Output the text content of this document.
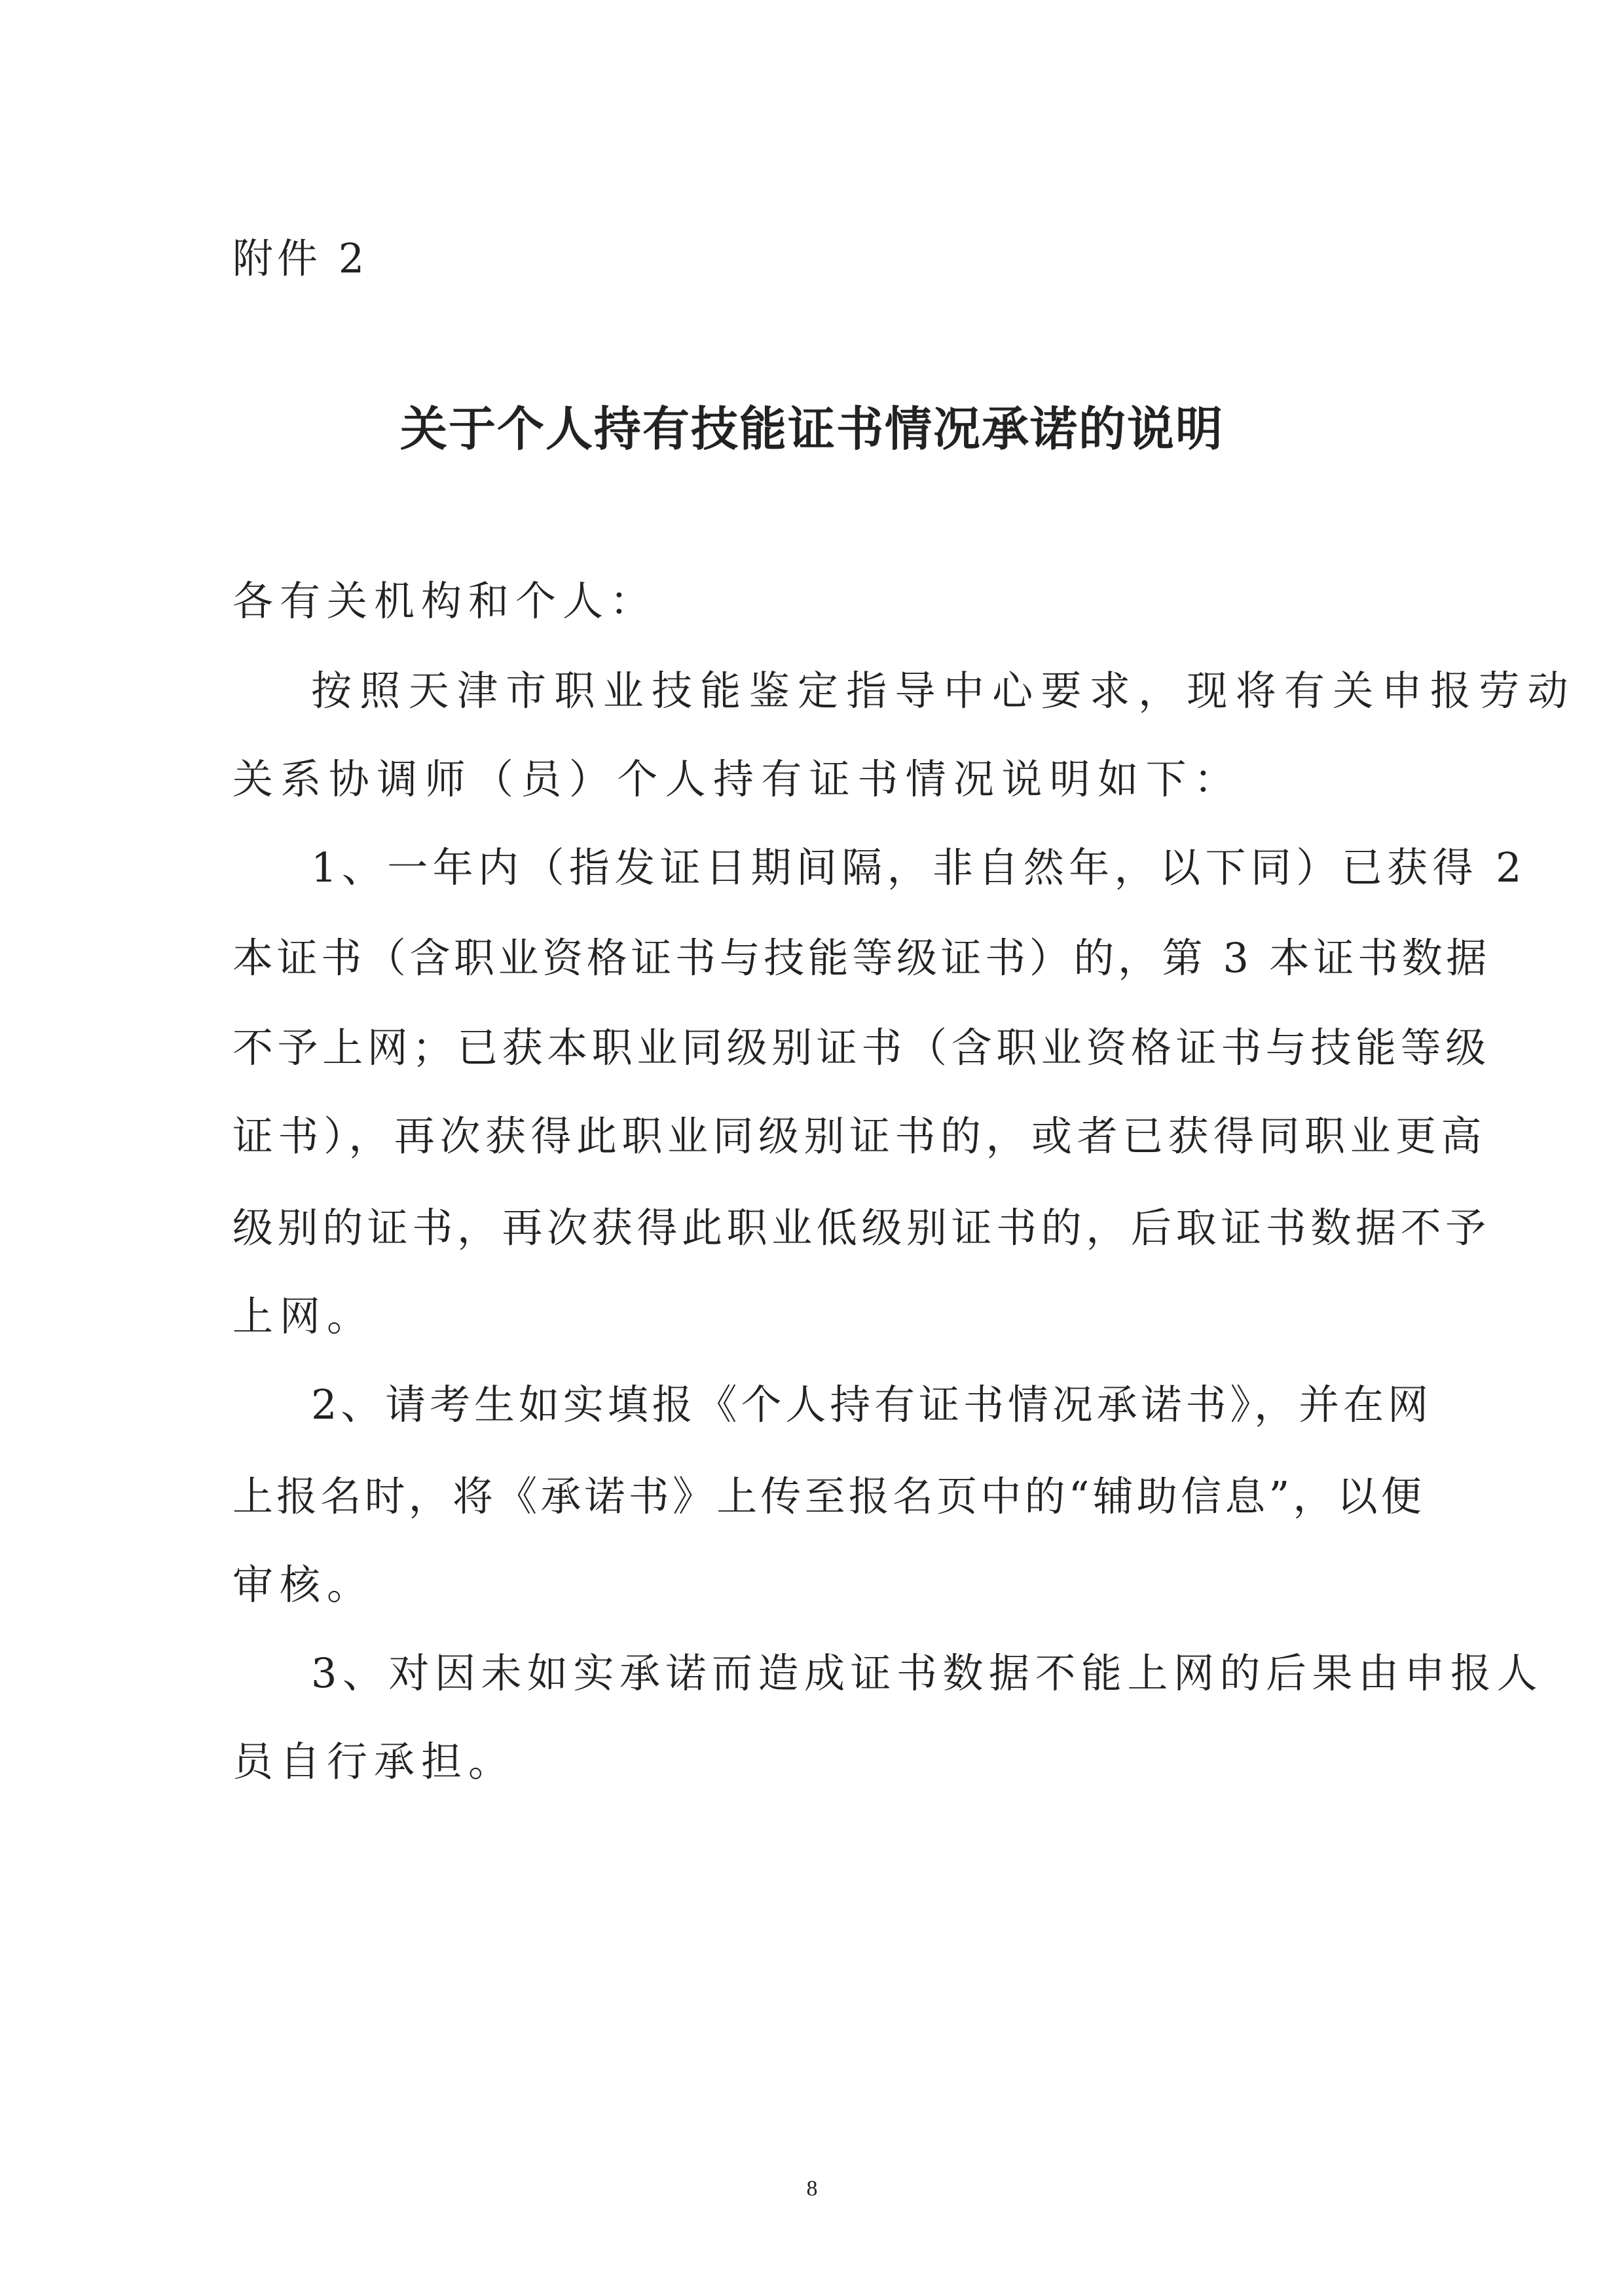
附件 2
关于个人持有技能证书情况承诺的说明
各有关机构和个人：
按照天津市职业技能鉴定指导中心要求，现将有关申报劳动
关系协调师（员）个人持有证书情况说明如下：
1、一年内（指发证日期间隔，非自然年，以下同）已获得 2
本证书（含职业资格证书与技能等级证书）的，第 3 本证书数据
不予上网；已获本职业同级别证书（含职业资格证书与技能等级
证书），再次获得此职业同级别证书的，或者已获得同职业更高
级别的证书，再次获得此职业低级别证书的，后取证书数据不予
上网。
2、请考生如实填报《个人持有证书情况承诺书》，并在网
上报名时，将《承诺书》上传至报名页中的“辅助信息”，以便
审核。
3、对因未如实承诺而造成证书数据不能上网的后果由申报人
员自行承担。
8
